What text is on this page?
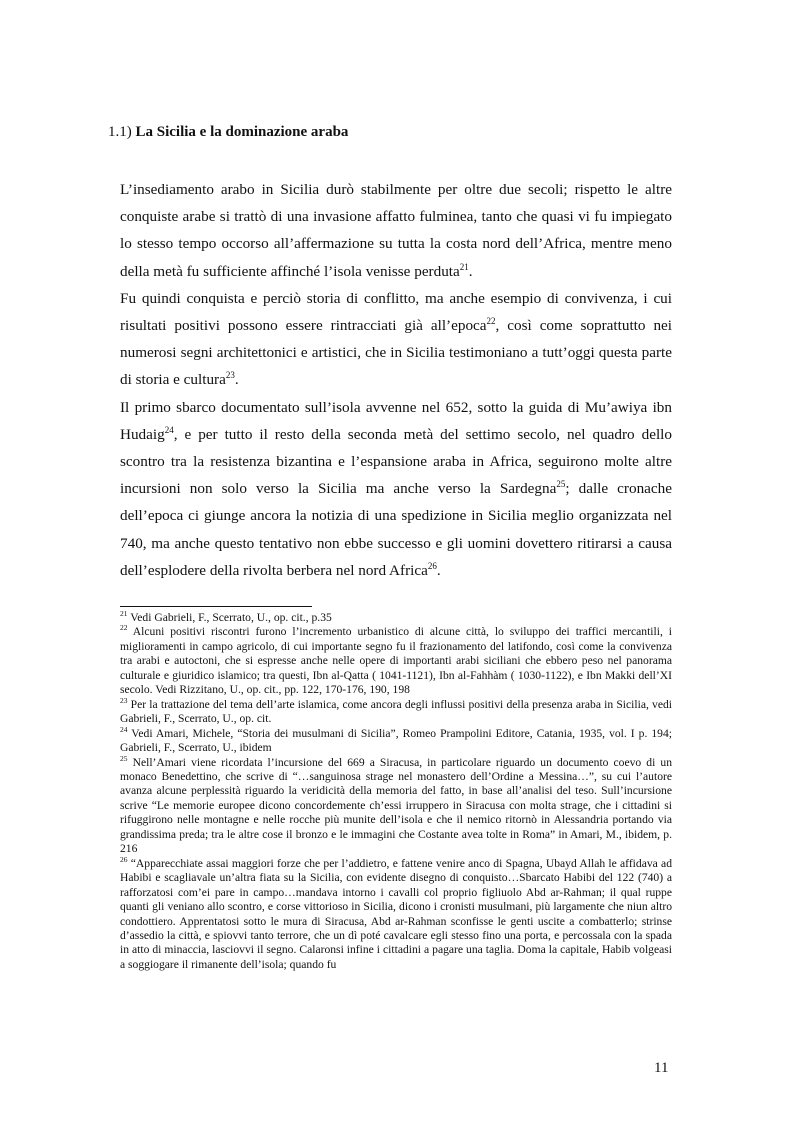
1.1) La Sicilia e la dominazione araba

L’insediamento arabo in Sicilia durò stabilmente per oltre due secoli; rispetto le altre conquiste arabe si trattò di una invasione affatto fulminea, tanto che quasi vi fu impiegato lo stesso tempo occorso all’affermazione su tutta la costa nord dell’Africa, mentre meno della metà fu sufficiente affinché l’isola venisse perduta$^{21}$.

Fu quindi conquista e perciò storia di conflitto, ma anche esempio di convivenza, i cui risultati positivi possono essere rintracciati già all’epoca$^{22}$, così come soprattutto nei numerosi segni architettonici e artistici, che in Sicilia testimoniano a tutt’oggi questa parte di storia e cultura$^{23}$.

Il primo sbarco documentato sull’isola avvenne nel 652, sotto la guida di Mu’awiya ibn Hudaig$^{24}$, e per tutto il resto della seconda metà del settimo secolo, nel quadro dello scontro tra la resistenza bizantina e l’espansione araba in Africa, seguirono molte altre incursioni non solo verso la Sicilia ma anche verso la Sardegna$^{25}$; dalle cronache dell’epoca ci giunge ancora la notizia di una spedizione in Sicilia meglio organizzata nel 740, ma anche questo tentativo non ebbe successo e gli uomini dovettero ritirarsi a causa dell’esplodere della rivolta berbera nel nord Africa$^{26}$.

$^{21}$ Vedi Gabrieli, F., Scerrato, U., op. cit., p.35

$^{22}$ Alcuni positivi riscontri furono l’incremento urbanistico di alcune città, lo sviluppo dei traffici mercantili, i miglioramenti in campo agricolo, di cui importante segno fu il frazionamento del latifondo, così come la convivenza tra arabi e autoctoni, che si espresse anche nelle opere di importanti arabi siciliani che ebbero peso nel panorama culturale e giuridico islamico; tra questi, Ibn al-Qatta ( 1041-1121), Ibn al-Fahhàm ( 1030-1122), e Ibn Makki dell’XI secolo. Vedi Rizzitano, U., op. cit., pp. 122, 170-176, 190, 198

$^{23}$ Per la trattazione del tema dell’arte islamica, come ancora degli influssi positivi della presenza araba in Sicilia, vedi Gabrieli, F., Scerrato, U., op. cit.

$^{24}$ Vedi Amari, Michele, “Storia dei musulmani di Sicilia”, Romeo Prampolini Editore, Catania, 1935, vol. I p. 194; Gabrieli, F., Scerrato, U., ibidem

$^{25}$ Nell’Amari viene ricordata l’incursione del 669 a Siracusa, in particolare riguardo un documento coevo di un monaco Benedettino, che scrive di “…sanguinosa strage nel monastero dell’Ordine a Messina…”, su cui l’autore avanza alcune perplessità riguardo la veridicità della memoria del fatto, in base all’analisi del teso. Sull’incursione scrive “Le memorie europee dicono concordemente ch’essi irruppero in Siracusa con molta strage, che i cittadini si rifuggirono nelle montagne e nelle rocche più munite dell’isola e che il nemico ritornò in Alessandria portando via grandissima preda; tra le altre cose il bronzo e le immagini che Costante avea tolte in Roma” in Amari, M., ibidem, p. 216

$^{26}$ “Apparecchiate assai maggiori forze che per l’addietro, e fattene venire anco di Spagna, Ubayd Allah le affidava ad Habibi e scagliavale un’altra fiata su la Sicilia, con evidente disegno di conquisto…Sbarcato Habibi del 122 (740) a rafforzatosi com’ei pare in campo…mandava intorno i cavalli col proprio figliuolo Abd ar-Rahman; il qual ruppe quanti gli veniano allo scontro, e corse vittorioso in Sicilia, dicono i cronisti musulmani, più largamente che niun altro condottiero. Apprentatosi sotto le mura di Siracusa, Abd ar-Rahman sconfisse le genti uscite a combatterlo; strinse d’assedio la città, e spiovvi tanto terrore, che un dì poté cavalcare egli stesso fino una porta, e percossala con la spada in atto di minaccia, lasciovvi il segno. Calaronsi infine i cittadini a pagare una taglia. Doma la capitale, Habib volgeasi a soggiogare il rimanente dell’isola; quando fu

11
